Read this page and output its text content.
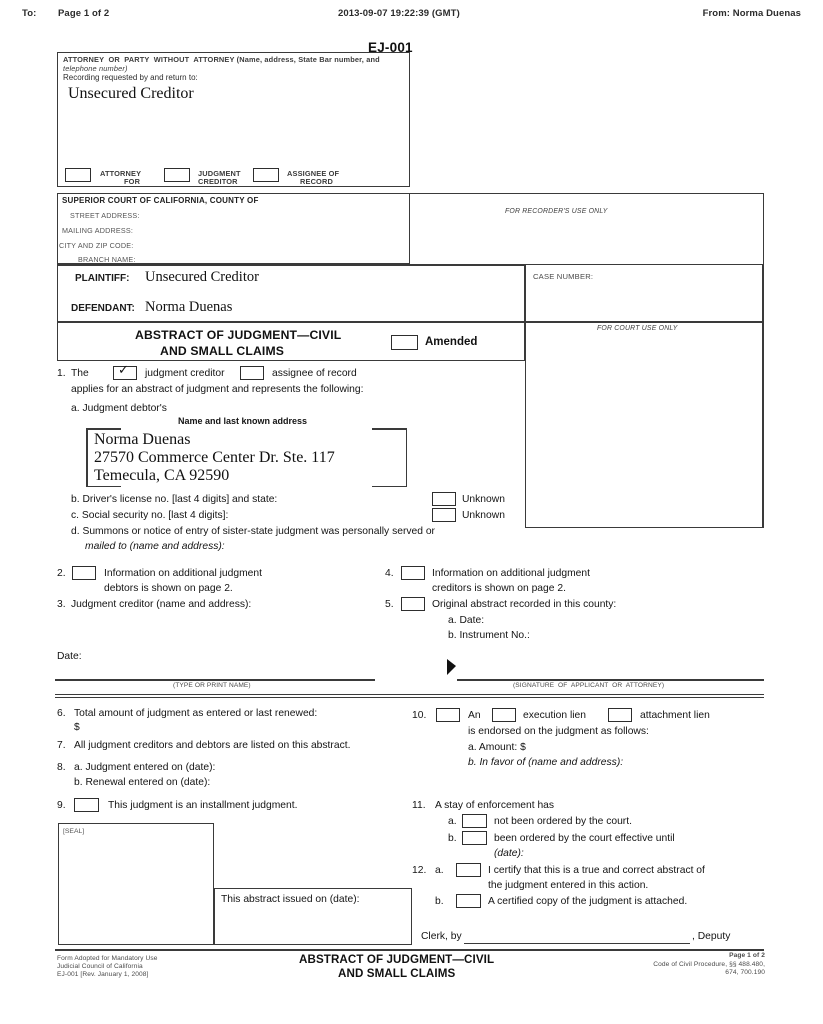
To: Page 1 of 2	2013-09-07 19:22:39 (GMT)	From: Norma Duenas
EJ-001
ATTORNEY  OR  PARTY  WITHOUT  ATTORNEY (Name, address, State Bar number, and
telephone number)
Recording requested by and return to:
Unsecured Creditor
ATTORNEY
FOR
JUDGMENT
CREDITOR
ASSIGNEE OF
RECORD
FOR RECORDER'S USE ONLY
SUPERIOR COURT OF CALIFORNIA, COUNTY OF
STREET ADDRESS:
MAILING ADDRESS:
CITY AND ZIP CODE:
BRANCH NAME:
PLAINTIFF: Unsecured Creditor
DEFENDANT: Norma Duenas
CASE NUMBER:
ABSTRACT OF JUDGMENT—CIVIL
AND SMALL CLAIMS
Amended
FOR COURT USE ONLY
1. The ✓ judgment creditor	assignee of record
applies for an abstract of judgment and represents the following:
a. Judgment debtor's
Name and last known address
Norma Duenas
27570 Commerce Center Dr. Ste. 117
Temecula, CA 92590
b. Driver's license no. [last 4 digits] and state:	Unknown
c. Social security no. [last 4 digits]:	Unknown
d. Summons or notice of entry of sister-state judgment was personally served or
mailed to (name and address):
2.	Information on additional judgment
debtors is shown on page 2.
3. Judgment creditor (name and address):
4.	Information on additional judgment
creditors is shown on page 2.
5.	Original abstract recorded in this county:
a. Date:
b. Instrument No.:
Date:
(TYPE OR PRINT NAME)	(SIGNATURE  OF  APPLICANT  OR  ATTORNEY)
6. Total amount of judgment as entered or last renewed:
$
7. All judgment creditors and debtors are listed on this abstract.
8. a. Judgment entered on (date):
b. Renewal entered on (date):
9.	This judgment is an installment judgment.
10.	An	execution lien	attachment lien
is endorsed on the judgment as follows:
a. Amount: $
b. In favor of (name and address):
11. A stay of enforcement has
a.	not been ordered by the court.
b.	been ordered by the court effective until
(date):
12. a.	I certify that this is a true and correct abstract of
the judgment entered in this action.
b.	A certified copy of the judgment is attached.
[SEAL]
This abstract issued on (date):
Clerk, by	, Deputy
Form Adopted for Mandatory Use
Judicial Council of California
EJ-001 [Rev. January 1, 2008]
ABSTRACT OF JUDGMENT—CIVIL
AND SMALL CLAIMS
Page 1 of 2
Code of Civil Procedure, §§ 488.480,
674, 700.190
